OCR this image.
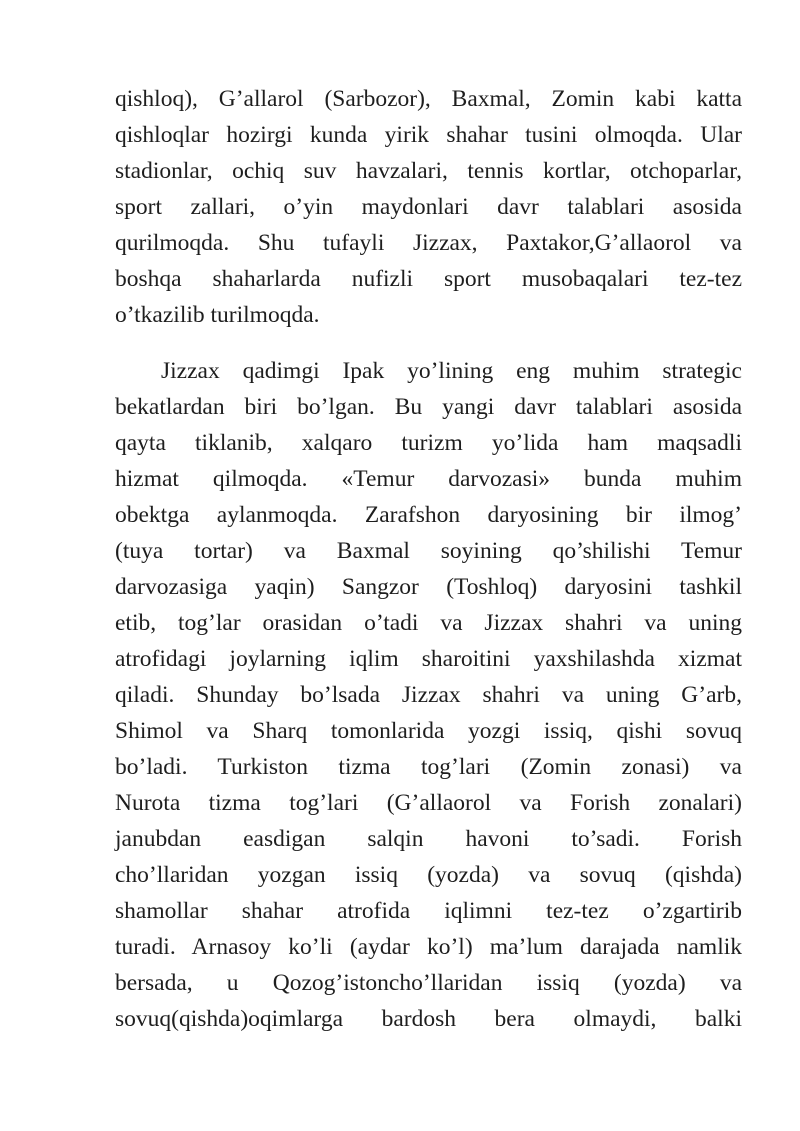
qishloq), G’allarol (Sarbozor), Baxmal, Zomin kabi katta
qishloqlar hozirgi kunda yirik shahar tusini olmoqda. Ular
stadionlar, ochiq suv havzalari, tennis kortlar, otchoparlar,
sport zallari, o’yin maydonlari davr talablari asosida
qurilmoqda. Shu tufayli Jizzax, Paxtakor,G’allaorol va
boshqa shaharlarda nufizli sport musobaqalari tez-tez
o’tkazilib turilmoqda.
Jizzax qadimgi Ipak yo’lining eng muhim strategic
bekatlardan biri bo’lgan. Bu yangi davr talablari asosida
qayta tiklanib, xalqaro turizm yo’lida ham maqsadli
hizmat qilmoqda. «Temur darvozasi» bunda muhim
obektga aylanmoqda. Zarafshon daryosining bir ilmog’
(tuya tortar) va Baxmal soyining qo’shilishi Temur
darvozasiga yaqin) Sangzor (Toshloq) daryosini tashkil
etib, tog’lar orasidan o’tadi va Jizzax shahri va uning
atrofidagi joylarning iqlim sharoitini yaxshilashda xizmat
qiladi. Shunday bo’lsada Jizzax shahri va uning G’arb,
Shimol va Sharq tomonlarida yozgi issiq, qishi sovuq
bo’ladi. Turkiston tizma tog’lari (Zomin zonasi) va
Nurota tizma tog’lari (G’allaorol va Forish zonalari)
janubdan easdigan salqin havoni to’sadi. Forish
cho’llaridan yozgan issiq (yozda) va sovuq (qishda)
shamollar shahar atrofida iqlimni tez-tez o’zgartirib
turadi. Arnasoy ko’li (aydar ko’l) ma’lum darajada namlik
bersada, u Qozog’istoncho’llaridan issiq (yozda) va
sovuq(qishda)oqimlarga bardosh bera olmaydi, balki
